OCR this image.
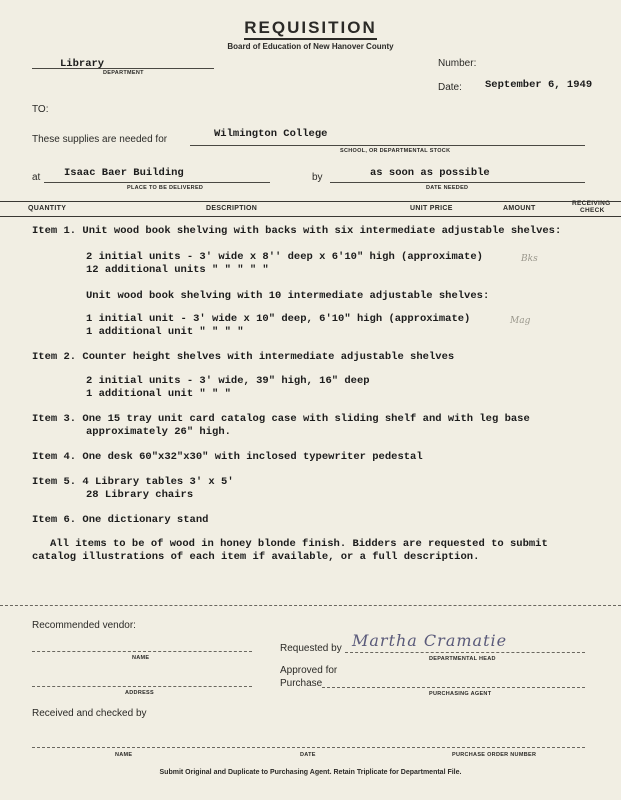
REQUISITION
Board of Education of New Hanover County
Library
DEPARTMENT
Number:
Date: September 6, 1949
TO:
These supplies are needed for	Wilmington College
SCHOOL, OR DEPARTMENTAL STOCK
at Isaac Baer Building
PLACE TO BE DELIVERED
by	as soon as possible
DATE NEEDED
QUANTITY	DESCRIPTION	UNIT PRICE	AMOUNT
RECEIVING
CHECK
Item 1. Unit wood book shelving with backs with six intermediate adjustable shelves:
2 initial units - 3' wide x 8'' deep x 6'10" high (approximate)
12 additional units " " " " "
Bks
Unit wood book shelving with 10 intermediate adjustable shelves:
1 initial unit - 3' wide x 10" deep, 6'10" high (approximate)
1 additional unit " " " "
Mag
Item 2. Counter height shelves with intermediate adjustable shelves
2 initial units - 3' wide, 39" high, 16" deep
1 additional unit " " "
Item 3. One 15 tray unit card catalog case with sliding shelf and with leg base
approximately 26" high.
Item 4. One desk 60"x32"x30" with inclosed typewriter pedestal
Item 5. 4 Library tables 3' x 5'
28 Library chairs
Item 6. One dictionary stand
All items to be of wood in honey blonde finish. Bidders are requested to submit
catalog illustrations of each item if available, or a full description.
Recommended vendor:
NAME
ADDRESS
Requested by Martha Cramatie
DEPARTMENTAL HEAD
Approved for
Purchase
PURCHASING AGENT
Received and checked by
NAME	DATE	PURCHASE ORDER NUMBER
Submit Original and Duplicate to Purchasing Agent. Retain Triplicate for Departmental File.
